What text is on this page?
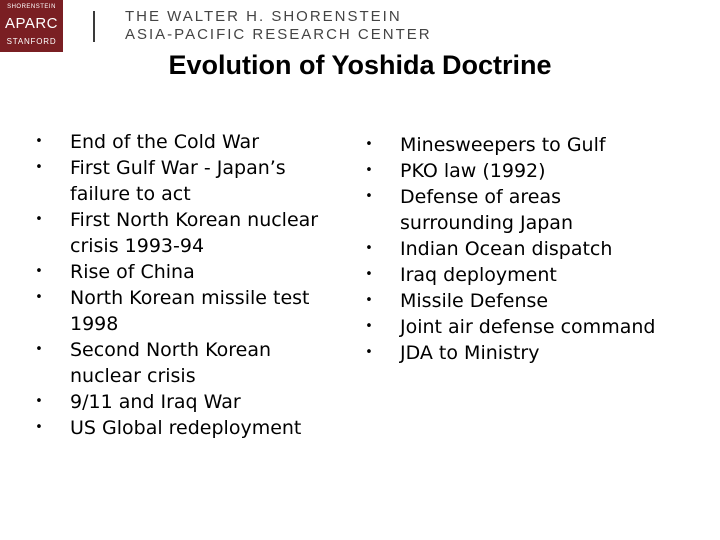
SHORENSTEIN
APARC
STANFORD
THE WALTER H. SHORENSTEIN
ASIA-PACIFIC RESEARCH CENTER
Evolution of Yoshida Doctrine
•	End of the Cold War
•	First Gulf War - Japan’s failure to act
•	First North Korean nuclear crisis 1993-94
•	Rise of China
•	North Korean missile test 1998
•	Second North Korean nuclear crisis
•	9/11 and Iraq War
•	US Global redeployment
•	Minesweepers to Gulf
•	PKO law (1992)
•	Defense of areas surrounding Japan
•	Indian Ocean dispatch
•	Iraq deployment
•	Missile Defense
•	Joint air defense command
•	JDA to Ministry
